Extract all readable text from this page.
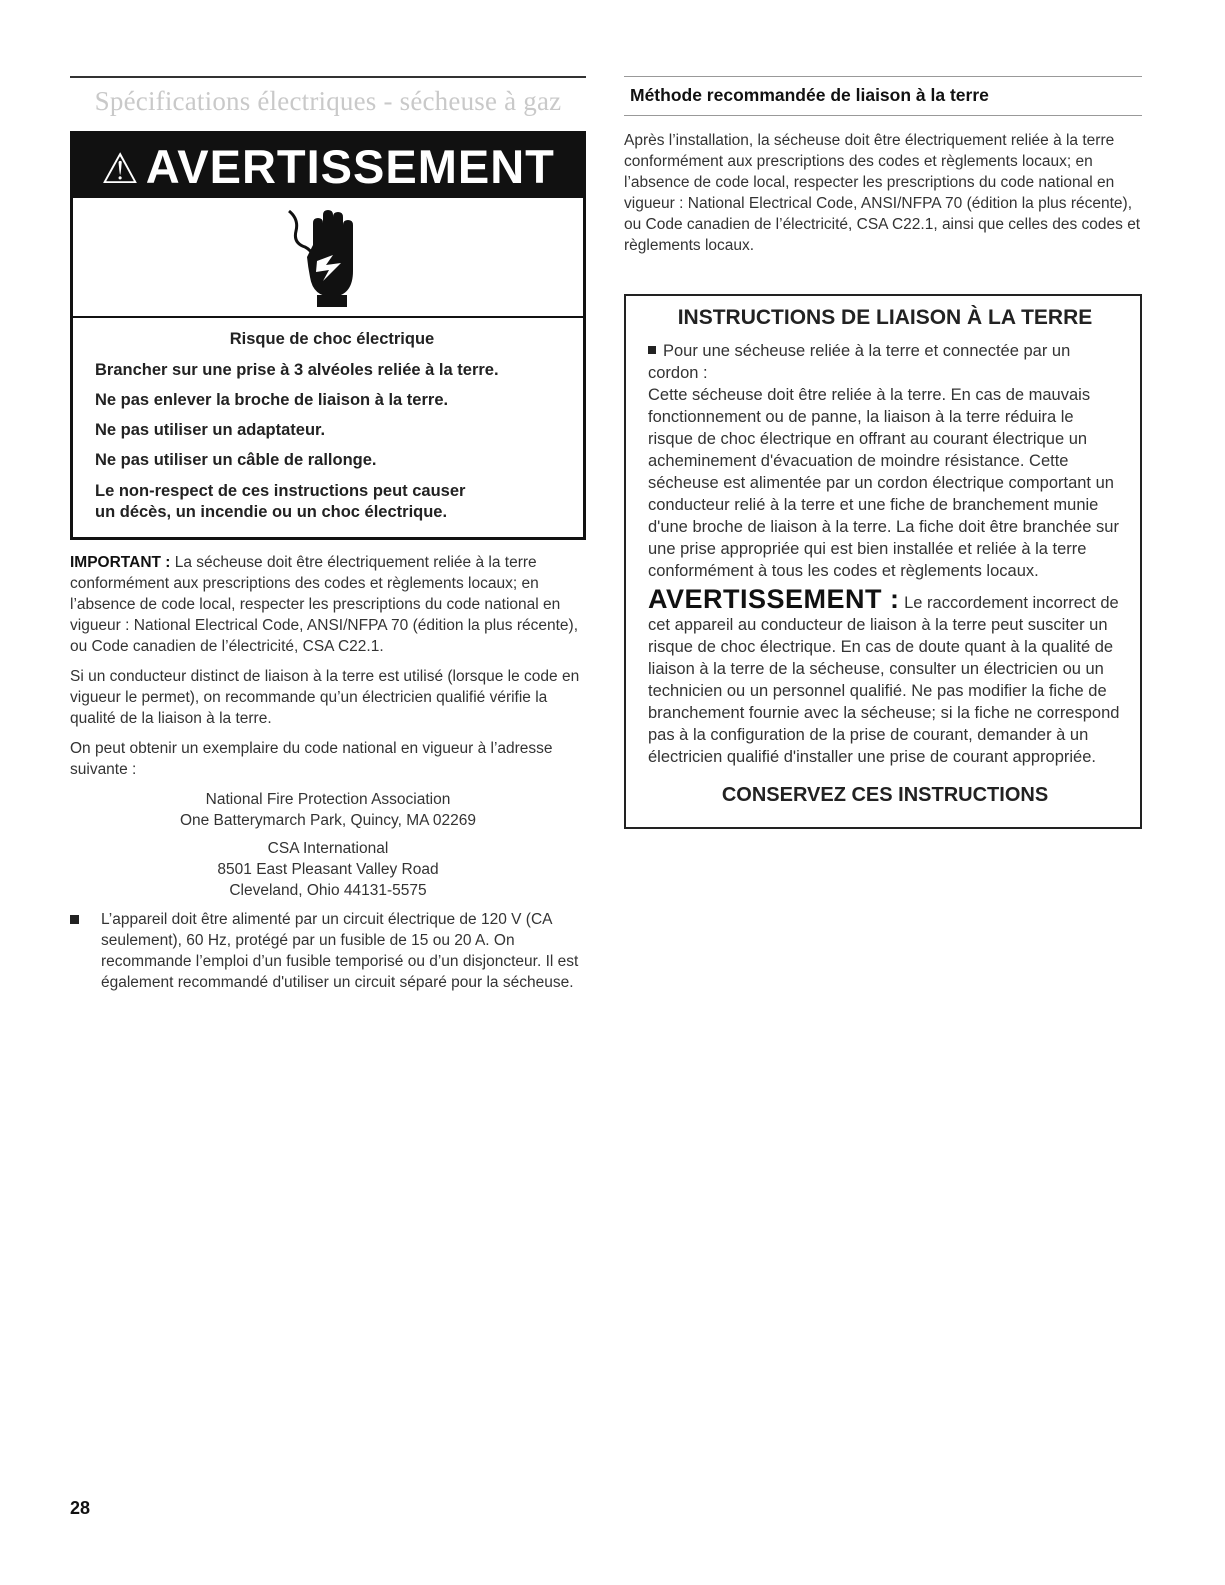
Spécifications électriques - sécheuse à gaz
⚠ AVERTISSEMENT
Risque de choc électrique
Brancher sur une prise à 3 alvéoles reliée à la terre.
Ne pas enlever la broche de liaison à la terre.
Ne pas utiliser un adaptateur.
Ne pas utiliser un câble de rallonge.
Le non-respect de ces instructions peut causer
un décès, un incendie ou un choc électrique.

IMPORTANT : La sécheuse doit être électriquement reliée à la terre conformément aux prescriptions des codes et règlements locaux; en l’absence de code local, respecter les prescriptions du code national en vigueur : National Electrical Code, ANSI/NFPA 70 (édition la plus récente), ou Code canadien de l’électricité, CSA C22.1.

Si un conducteur distinct de liaison à la terre est utilisé (lorsque le code en vigueur le permet), on recommande qu’un électricien qualifié vérifie la qualité de la liaison à la terre.

On peut obtenir un exemplaire du code national en vigueur à l’adresse suivante :

National Fire Protection Association
One Batterymarch Park, Quincy, MA 02269
CSA International
8501 East Pleasant Valley Road
Cleveland, Ohio 44131-5575
L’appareil doit être alimenté par un circuit électrique de 120 V (CA seulement), 60 Hz, protégé par un fusible de 15 ou 20 A. On recommande l’emploi d’un fusible temporisé ou d’un disjoncteur. Il est également recommandé d'utiliser un circuit séparé pour la sécheuse.
Méthode recommandée de liaison à la terre
Après l’installation, la sécheuse doit être électriquement reliée à la terre conformément aux prescriptions des codes et règlements locaux; en l’absence de code local, respecter les prescriptions du code national en vigueur : National Electrical Code, ANSI/NFPA 70 (édition la plus récente), ou Code canadien de l’électricité, CSA C22.1, ainsi que celles des codes et règlements locaux.
INSTRUCTIONS DE LIAISON À LA TERRE

Pour une sécheuse reliée à la terre et connectée par un cordon :

Cette sécheuse doit être reliée à la terre. En cas de mauvais fonctionnement ou de panne, la liaison à la terre réduira le risque de choc électrique en offrant au courant électrique un acheminement d'évacuation de moindre résistance. Cette sécheuse est alimentée par un cordon électrique comportant un conducteur relié à la terre et une fiche de branchement munie d'une broche de liaison à la terre. La fiche doit être branchée sur une prise appropriée qui est bien installée et reliée à la terre conformément à tous les codes et règlements locaux.

AVERTISSEMENT : Le raccordement incorrect de cet appareil au conducteur de liaison à la terre peut susciter un risque de choc électrique. En cas de doute quant à la qualité de liaison à la terre de la sécheuse, consulter un électricien ou un technicien ou un personnel qualifié. Ne pas modifier la fiche de branchement fournie avec la sécheuse; si la fiche ne correspond pas à la configuration de la prise de courant, demander à un électricien qualifié d'installer une prise de courant appropriée.

CONSERVEZ CES INSTRUCTIONS
28
